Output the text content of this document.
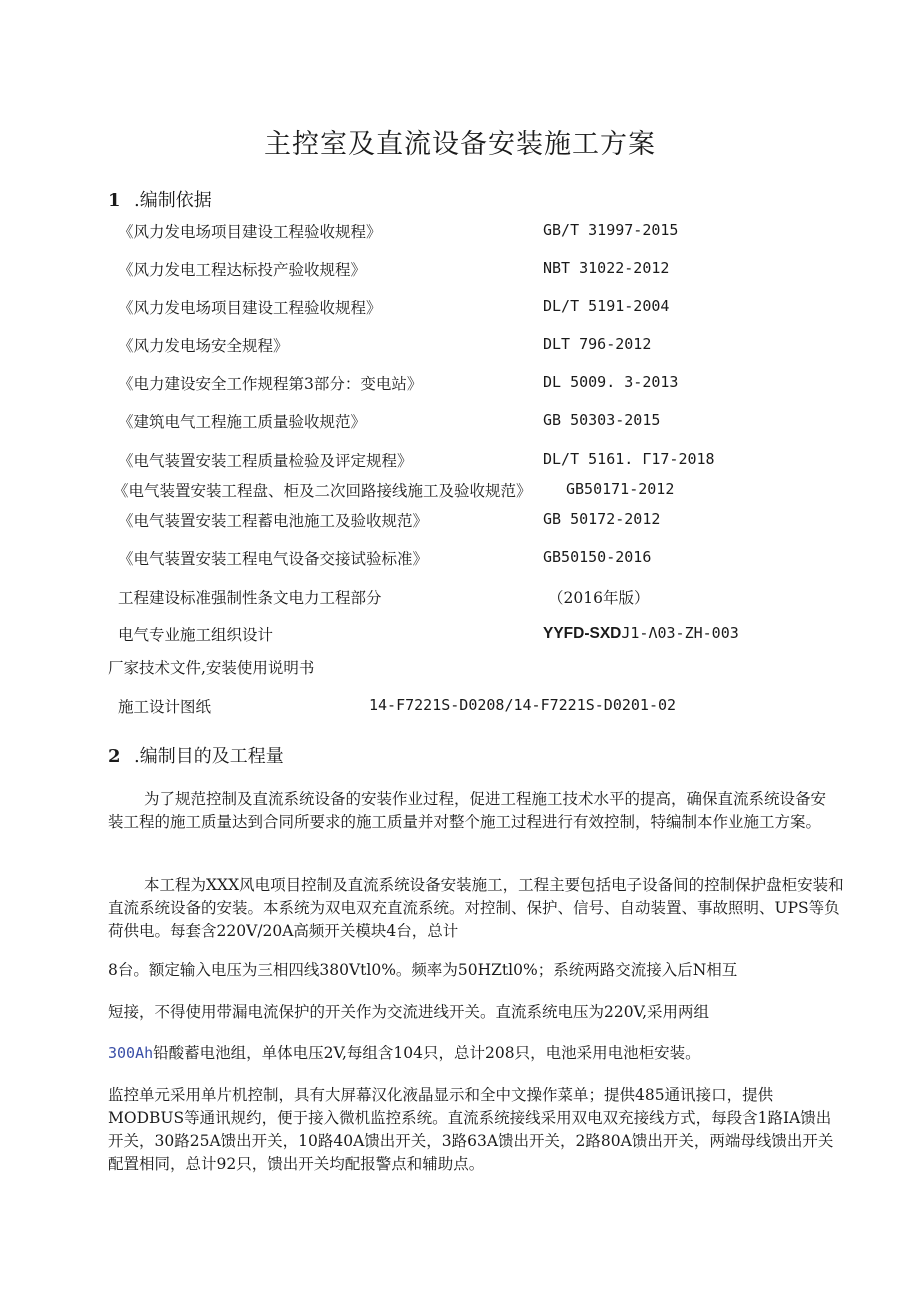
主控室及直流设备安装施工方案
1 .编制依据
《风力发电场项目建设工程验收规程》	GB/T 31997-2015
《风力发电工程达标投产验收规程》	NBT 31022-2012
《风力发电场项目建设工程验收规程》	DL/T 5191-2004
《风力发电场安全规程》	DLT 796-2012
《电力建设安全工作规程第3部分：变电站》	DL 5009. 3-2013
《建筑电气工程施工质量验收规范》	GB 50303-2015
《电气装置安装工程质量检验及评定规程》	DL/T 5161. Γ17-2018
《电气装置安装工程盘、柜及二次回路接线施工及验收规范》 GB50171-2012
《电气装置安装工程蓄电池施工及验收规范》	GB 50172-2012
《电气装置安装工程电气设备交接试验标准》	GB50150-2016
工程建设标准强制性条文电力工程部分	（2016年版）
电气专业施工组织设计	YYFD-SXDJ1-Λ03-ZH-003
厂家技术文件,安装使用说明书
施工设计图纸	14-F7221S-D0208/14-F7221S-D0201-02
2 .编制目的及工程量
为了规范控制及直流系统设备的安装作业过程，促进工程施工技术水平的提高，确保直流系统设备安装工程的施工质量达到合同所要求的施工质量并对整个施工过程进行有效控制，特编制本作业施工方案。
本工程为XXX风电项目控制及直流系统设备安装施工，工程主要包括电子设备间的控制保护盘柜安装和直流系统设备的安装。本系统为双电双充直流系统。对控制、保护、信号、自动装置、事故照明、UPS等负荷供电。每套含220V/20A高频开关模块4台，总计
8台。额定输入电压为三相四线380Vtl0%。频率为50HZtl0%；系统两路交流接入后N相互
短接，不得使用带漏电流保护的开关作为交流进线开关。直流系统电压为220V,采用两组
300Ah铅酸蓄电池组，单体电压2V,每组含104只，总计208只，电池采用电池柜安装。
监控单元采用单片机控制，具有大屏幕汉化液晶显示和全中文操作菜单；提供485通讯接口，提供MODBUS等通讯规约，便于接入微机监控系统。直流系统接线采用双电双充接线方式，每段含1路IA馈出开关，30路25A馈出开关，10路40A馈出开关，3路63A馈出开关，2路80A馈出开关，两端母线馈出开关配置相同，总计92只，馈出开关均配报警点和辅助点。
